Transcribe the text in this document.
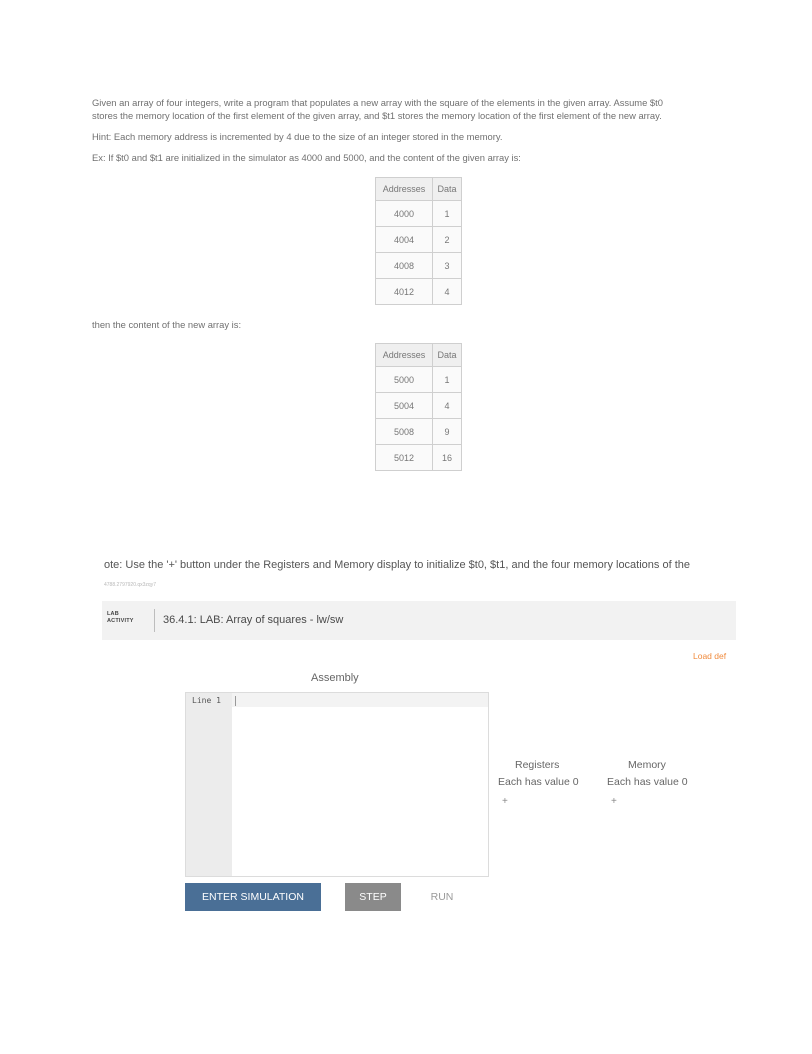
Given an array of four integers, write a program that populates a new array with the square of the elements in the given array. Assume $t0

stores the memory location of the first element of the given array, and $t1 stores the memory location of the first element of the new array.

Hint: Each memory address is incremented by 4 due to the size of an integer stored in the memory.

Ex: If $t0 and $t1 are initialized in the simulator as 4000 and 5000, and the content of the given array is:

Addresses	Data
4000	1
4004	2
4008	3
4012	4

then the content of the new array is:

Addresses	Data
5000	1
5004	4
5008	9
5012	16
ote: Use the '+' button under the Registers and Memory display to initialize $t0, $t1, and the four memory locations of the
4788.2797920.qx3zqy7
LAB
ACTIVITY	36.4.1: LAB: Array of squares - lw/sw
Load def
Assembly
Line 1
Registers
Each has value 0
+
Memory
Each has value 0
+
ENTER SIMULATION	STEP	RUN
